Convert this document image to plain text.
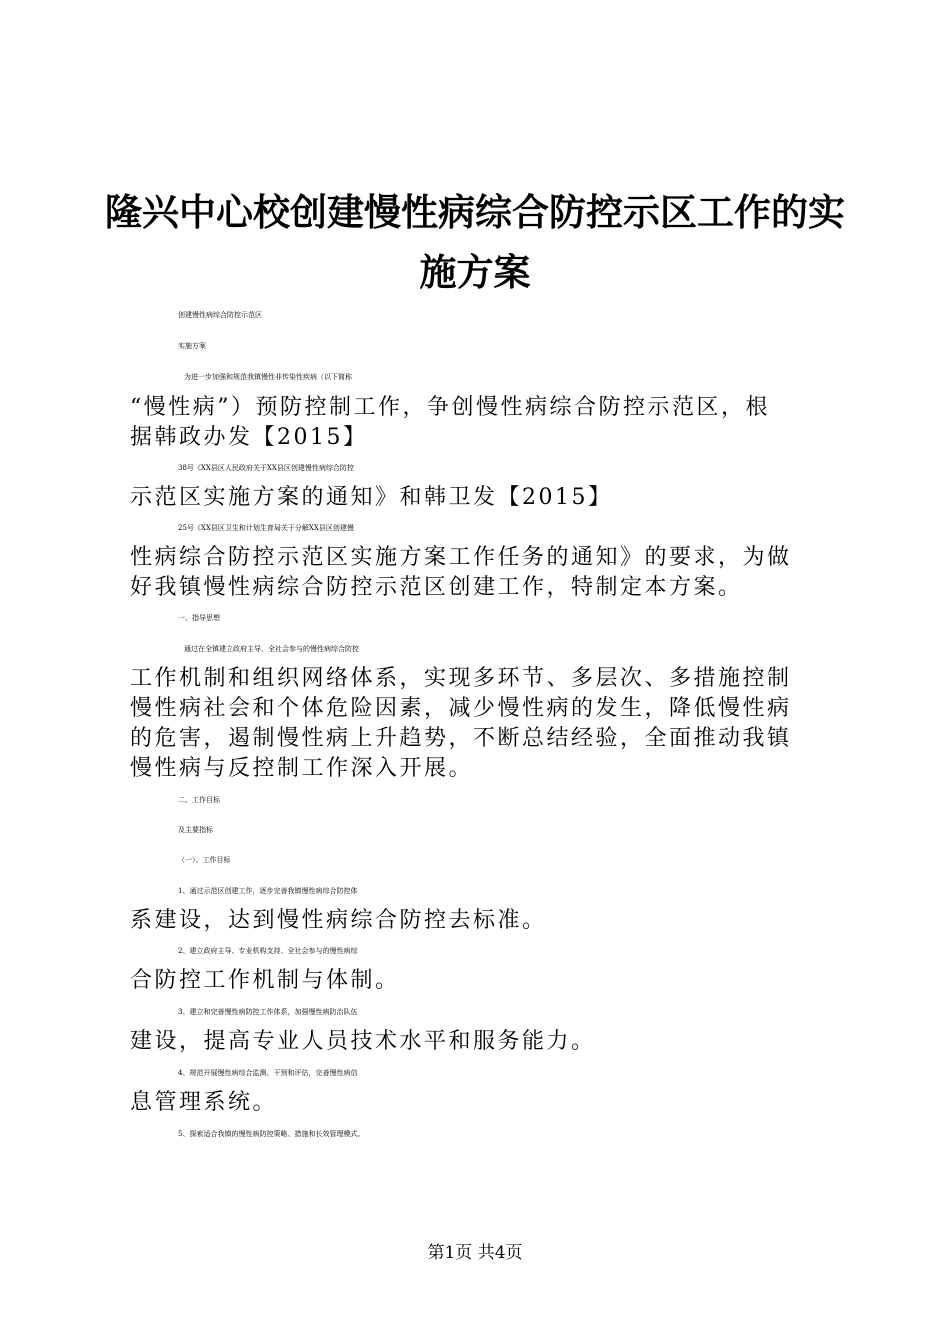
隆兴中心校创建慢性病综合防控示区工作的实
施方案

创建慢性病综合防控示范区

实施方案

为进一步加强和规范我镇慢性非传染性疾病（以下简称

“慢性病”）预防控制工作，争创慢性病综合防控示范区，根

据韩政办发【2015】

38号《XX县区人民政府关于XX县区创建慢性病综合防控

示范区实施方案的通知》和韩卫发【2015】

25号《XX县区卫生和计划生育局关于分解XX县区创建慢

性病综合防控示范区实施方案工作任务的通知》的要求，为做

好我镇慢性病综合防控示范区创建工作，特制定本方案。

一、指导思想

通过在全镇建立政府主导、全社会参与的慢性病综合防控

工作机制和组织网络体系，实现多环节、多层次、多措施控制

慢性病社会和个体危险因素，减少慢性病的发生，降低慢性病

的危害，遏制慢性病上升趋势，不断总结经验，全面推动我镇

慢性病与反控制工作深入开展。

二、工作目标

及主要指标

（一）、工作目标

1、通过示范区创建工作，逐步完善我镇慢性病综合防控体

系建设，达到慢性病综合防控去标准。

2、建立政府主导、专业机构支持、全社会参与的慢性病综

合防控工作机制与体制。

3、建立和完善慢性病防控工作体系，加强慢性病防治队伍

建设，提高专业人员技术水平和服务能力。

4、规范开展慢性病综合监测、干预和评估，完善慢性病信

息管理系统。

5、探索适合我镇的慢性病防控策略、措施和长效管理模式。

第1页 共4页
